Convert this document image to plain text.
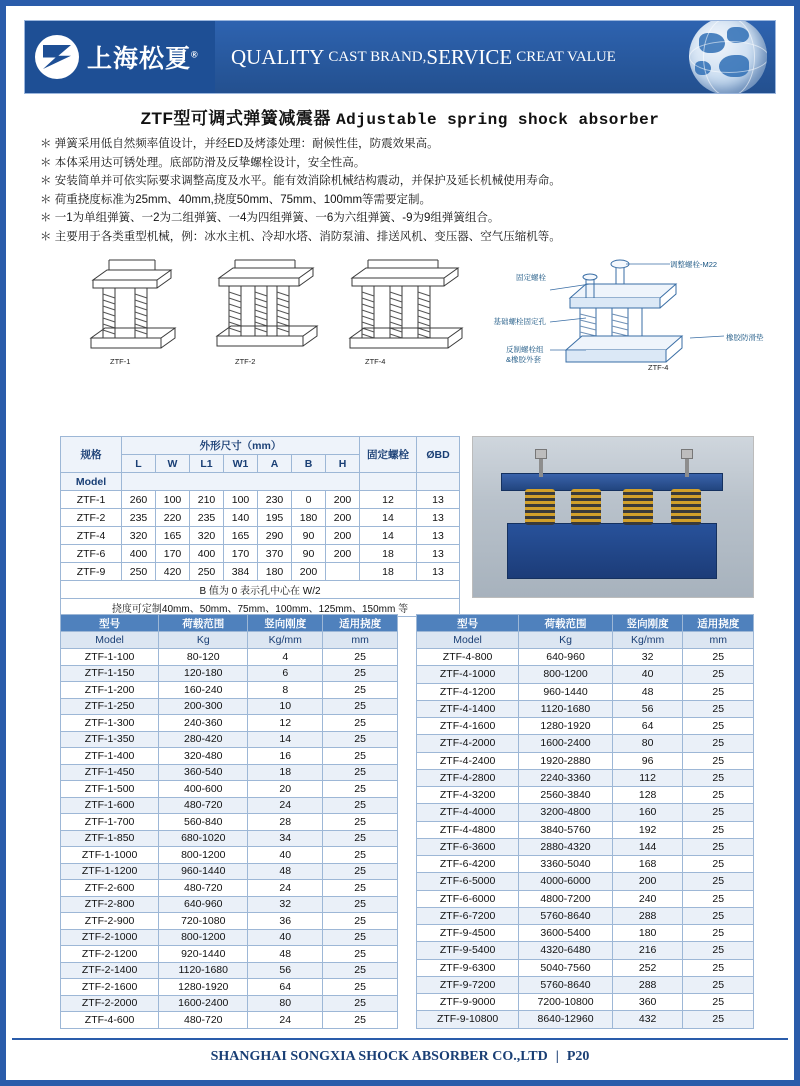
上海松夏® QUALITY
CAST BRAND, SERVICE
CREAT VALUE
ZTF型可调式弹簧减震器 Adjustable spring shock absorber
＊ 弹簧采用低自然频率值设计，并经ED及烤漆处理：耐候性佳，防震效果高。
＊ 本体采用达可锈处理。底部防滑及反挚螺栓设计，安全性高。
＊ 安装简单并可依实际要求调整高度及水平。能有效消除机械结构震动，并保护及延长机械使用寿命。
＊ 荷重挠度标准为25mm、40mm,挠度50mm、75mm、100mm等需要定制。
＊ 一1为单组弹簧、一2为二组弹簧、一4为四组弹簧、一6为六组弹簧、-9为9组弹簧组合。
＊ 主要用于各类重型机械，例：冰水主机、冷却水塔、消防泵浦、排送风机、变压器、空气压缩机等。
ZTF-1	ZTF-2	ZTF-4
ZTF-4
调整螺栓-M22
固定螺栓
基础螺栓固定孔
橡胶防滑垫
反制螺栓组
&橡胶外套
规格	外形尺寸（mm）							固定螺栓	ØBD
	L	W	L1	W1	A	B	H		
Model									
ZTF-1	260	100	210	100	230	0	200	12	13
ZTF-2	235	220	235	140	195	180	200	14	13
ZTF-4	320	165	320	165	290	90	200	14	13
ZTF-6	400	170	400	170	370	90	200	18	13
ZTF-9	250	420	250	384	180	200		18	13
B 值为 0 表示孔中心在 W/2									
挠度可定制40mm、50mm、75mm、100mm、125mm、150mm 等									
型号	荷载范围	竖向刚度	适用挠度
Model	Kg	Kg/mm	mm
ZTF-1-100	80-120	4	25
ZTF-1-150	120-180	6	25
ZTF-1-200	160-240	8	25
ZTF-1-250	200-300	10	25
ZTF-1-300	240-360	12	25
ZTF-1-350	280-420	14	25
ZTF-1-400	320-480	16	25
ZTF-1-450	360-540	18	25
ZTF-1-500	400-600	20	25
ZTF-1-600	480-720	24	25
ZTF-1-700	560-840	28	25
ZTF-1-850	680-1020	34	25
ZTF-1-1000	800-1200	40	25
ZTF-1-1200	960-1440	48	25
ZTF-2-600	480-720	24	25
ZTF-2-800	640-960	32	25
ZTF-2-900	720-1080	36	25
ZTF-2-1000	800-1200	40	25
ZTF-2-1200	920-1440	48	25
ZTF-2-1400	1120-1680	56	25
ZTF-2-1600	1280-1920	64	25
ZTF-2-2000	1600-2400	80	25
ZTF-4-600	480-720	24	25
型号	荷载范围	竖向刚度	适用挠度
Model	Kg	Kg/mm	mm
ZTF-4-800	640-960	32	25
ZTF-4-1000	800-1200	40	25
ZTF-4-1200	960-1440	48	25
ZTF-4-1400	1120-1680	56	25
ZTF-4-1600	1280-1920	64	25
ZTF-4-2000	1600-2400	80	25
ZTF-4-2400	1920-2880	96	25
ZTF-4-2800	2240-3360	112	25
ZTF-4-3200	2560-3840	128	25
ZTF-4-4000	3200-4800	160	25
ZTF-4-4800	3840-5760	192	25
ZTF-6-3600	2880-4320	144	25
ZTF-6-4200	3360-5040	168	25
ZTF-6-5000	4000-6000	200	25
ZTF-6-6000	4800-7200	240	25
ZTF-6-7200	5760-8640	288	25
ZTF-9-4500	3600-5400	180	25
ZTF-9-5400	4320-6480	216	25
ZTF-9-6300	5040-7560	252	25
ZTF-9-7200	5760-8640	288	25
ZTF-9-9000	7200-10800	360	25
ZTF-9-10800	8640-12960	432	25
SHANGHAI SONGXIA SHOCK ABSORBER CO.,LTD | P20
